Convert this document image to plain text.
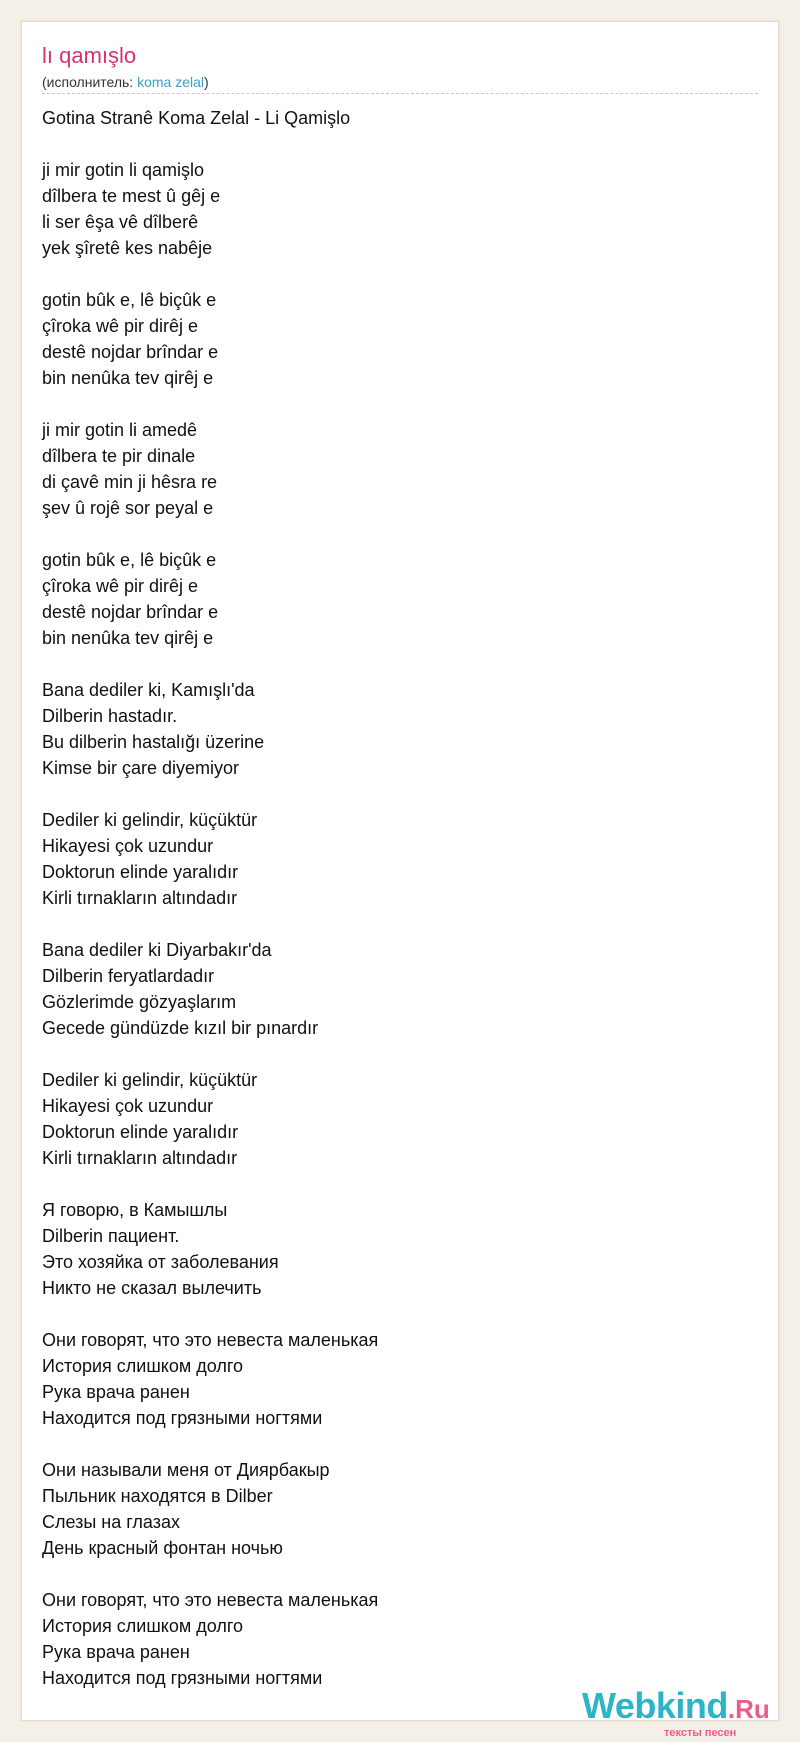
lı qamışlo
(исполнитель: koma zelal)
Gotina Stranê Koma Zelal - Li Qamişlo
ji mir gotin li qamişlo
dîlbera te mest û gêj e
li ser êşa vê dîlberê
yek şîretê kes nabêje
gotin bûk e, lê biçûk e
çîroka wê pir dirêj e
destê nojdar brîndar e
bin nenûka tev qirêj e
ji mir gotin li amedê
dîlbera te pir dinale
di çavê min ji hêsra re
şev û rojê sor peyal e
gotin bûk e, lê biçûk e
çîroka wê pir dirêj e
destê nojdar brîndar e
bin nenûka tev qirêj e
Bana dediler ki, Kamışlı'da
Dilberin hastadır.
Bu dilberin hastalığı üzerine
Kimse bir çare diyemiyor
Dediler ki gelindir, küçüktür
Hikayesi çok uzundur
Doktorun elinde yaralıdır
Kirli tırnakların altındadır
Bana dediler ki Diyarbakır'da
Dilberin feryatlardadır
Gözlerimde gözyaşlarım
Gecede gündüzde kızıl bir pınardır
Dediler ki gelindir, küçüktür
Hikayesi çok uzundur
Doktorun elinde yaralıdır
Kirli tırnakların altındadır
Я говорю, в Камышлы
Dilberin пациент.
Это хозяйка от заболевания
Никто не сказал вылечить
Они говорят, что это невеста маленькая
История слишком долго
Рука врача ранен
Находится под грязными ногтями
Они называли меня от Диярбакыр
Пыльник находятся в Dilber
Слезы на глазах
День красный фонтан ночью
Они говорят, что это невеста маленькая
История слишком долго
Рука врача ранен
Находится под грязными ногтями
Webkind.Ru
тексты песен
